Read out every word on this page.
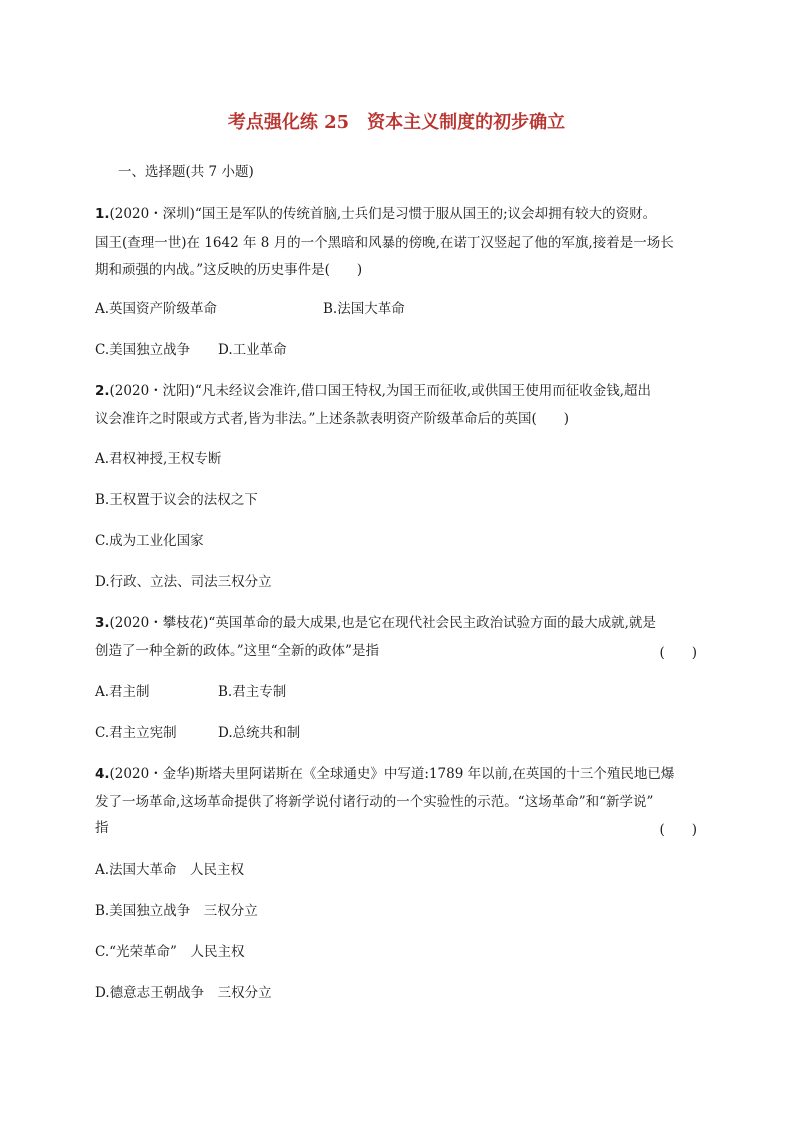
考点强化练 25 资本主义制度的初步确立
一、选择题(共 7 小题)
1.(2020・深圳)“国王是军队的传统首脑,士兵们是习惯于服从国王的;议会却拥有较大的资财。
国王(查理一世)在 1642 年 8 月的一个黑暗和风暴的傍晚,在诺丁汉竖起了他的军旗,接着是一场长
期和顽强的内战。”这反映的历史事件是(　　)
A.英国资产阶级革命	B.法国大革命
C.美国独立战争 D.工业革命
2.(2020・沈阳)“凡未经议会准许,借口国王特权,为国王而征收,或供国王使用而征收金钱,超出
议会准许之时限或方式者,皆为非法。”上述条款表明资产阶级革命后的英国(　　)
A.君权神授,王权专断
B.王权置于议会的法权之下
C.成为工业化国家
D.行政、立法、司法三权分立
3.(2020・攀枝花)“英国革命的最大成果,也是它在现代社会民主政治试验方面的最大成就,就是
创造了一种全新的政体。”这里“全新的政体”是指	(　　)
A.君主制	B.君主专制
C.君主立宪制	D.总统共和制
4.(2020・金华)斯塔夫里阿诺斯在《全球通史》中写道:1789 年以前,在英国的十三个殖民地已爆
发了一场革命,这场革命提供了将新学说付诸行动的一个实验性的示范。“这场革命”和“新学说”
指	(　　)
A.法国大革命　人民主权
B.美国独立战争　三权分立
C.“光荣革命”　人民主权
D.德意志王朝战争　三权分立
